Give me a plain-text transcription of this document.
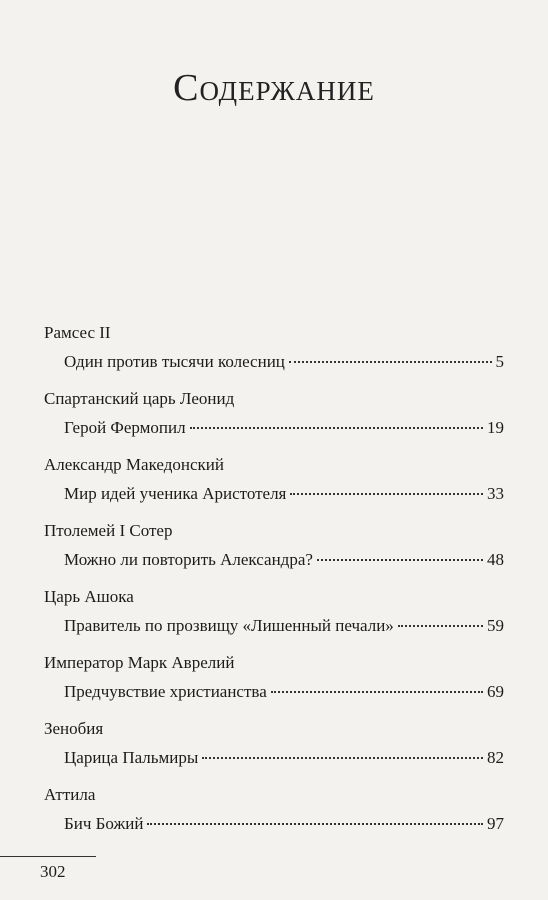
Содержание
Рамсес II
Один против тысячи колесниц	5
Спартанский царь Леонид
Герой Фермопил	19
Александр Македонский
Мир идей ученика Аристотеля	33
Птолемей I Сотер
Можно ли повторить Александра?	48
Царь Ашока
Правитель по прозвищу «Лишенный печали»	59
Император Марк Аврелий
Предчувствие христианства	69
Зенобия
Царица Пальмиры	82
Аттила
Бич Божий	97
302
